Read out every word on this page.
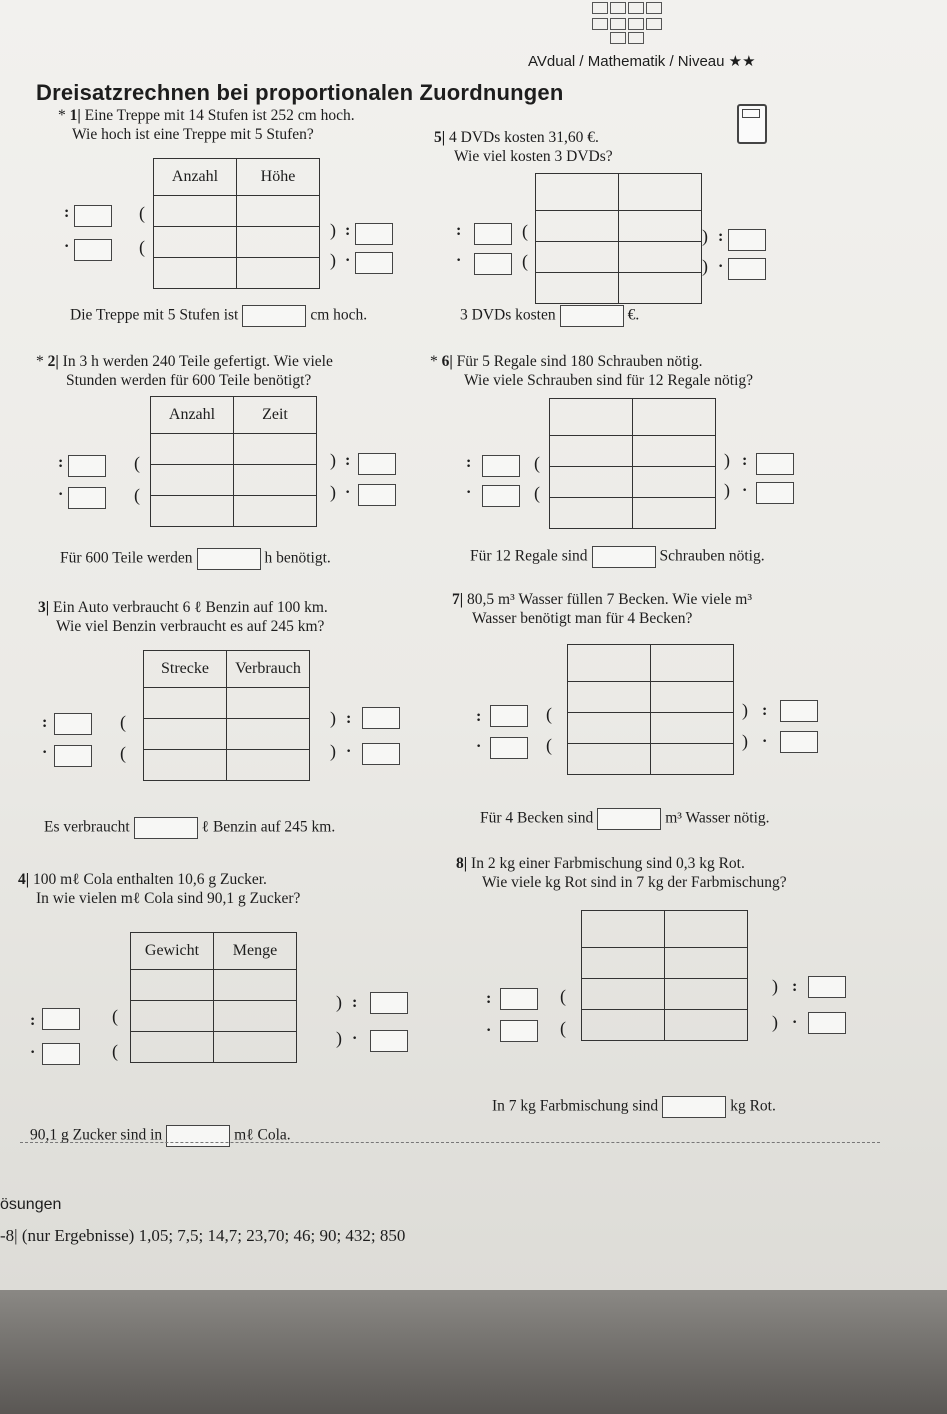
AVdual / Mathematik / Niveau ★★
Dreisatzrechnen bei proportionalen Zuordnungen
* 1| Eine Treppe mit 14 Stufen ist 252 cm hoch.
Wie hoch ist eine Treppe mit 5 Stufen?
Anzahl	Höhe

:	(
·	(
) :
) ·
Die Treppe mit 5 Stufen ist	cm hoch.
5| 4 DVDs kosten 31,60 €.
Wie viel kosten 3 DVDs?

:	(
·	(
) :
) ·
3 DVDs kosten	€.
* 2| In 3 h werden 240 Teile gefertigt. Wie viele
Stunden werden für 600 Teile benötigt?
Anzahl	Zeit

:	(
·	(
) :
) ·
Für 600 Teile werden	h benötigt.
* 6| Für 5 Regale sind 180 Schrauben nötig.
Wie viele Schrauben sind für 12 Regale nötig?

:	(
·	(
) :
) ·
Für 12 Regale sind	Schrauben nötig.
3| Ein Auto verbraucht 6 ℓ Benzin auf 100 km.
Wie viel Benzin verbraucht es auf 245 km?
Strecke	Verbrauch

:	(
·	(
) :
) ·
Es verbraucht	ℓ Benzin auf 245 km.
7| 80,5 m³ Wasser füllen 7 Becken. Wie viele m³
Wasser benötigt man für 4 Becken?

:	(
·	(
) :
) ·
Für 4 Becken sind	m³ Wasser nötig.
4| 100 mℓ Cola enthalten 10,6 g Zucker.
In wie vielen mℓ Cola sind 90,1 g Zucker?
Gewicht	Menge

:	(
·	(
) :
) ·
90,1 g Zucker sind in	mℓ Cola.
8| In 2 kg einer Farbmischung sind 0,3 kg Rot.
Wie viele kg Rot sind in 7 kg der Farbmischung?

:	(
·	(
) :
) ·
In 7 kg Farbmischung sind	kg Rot.
ösungen
-8| (nur Ergebnisse) 1,05; 7,5; 14,7; 23,70; 46; 90; 432; 850
